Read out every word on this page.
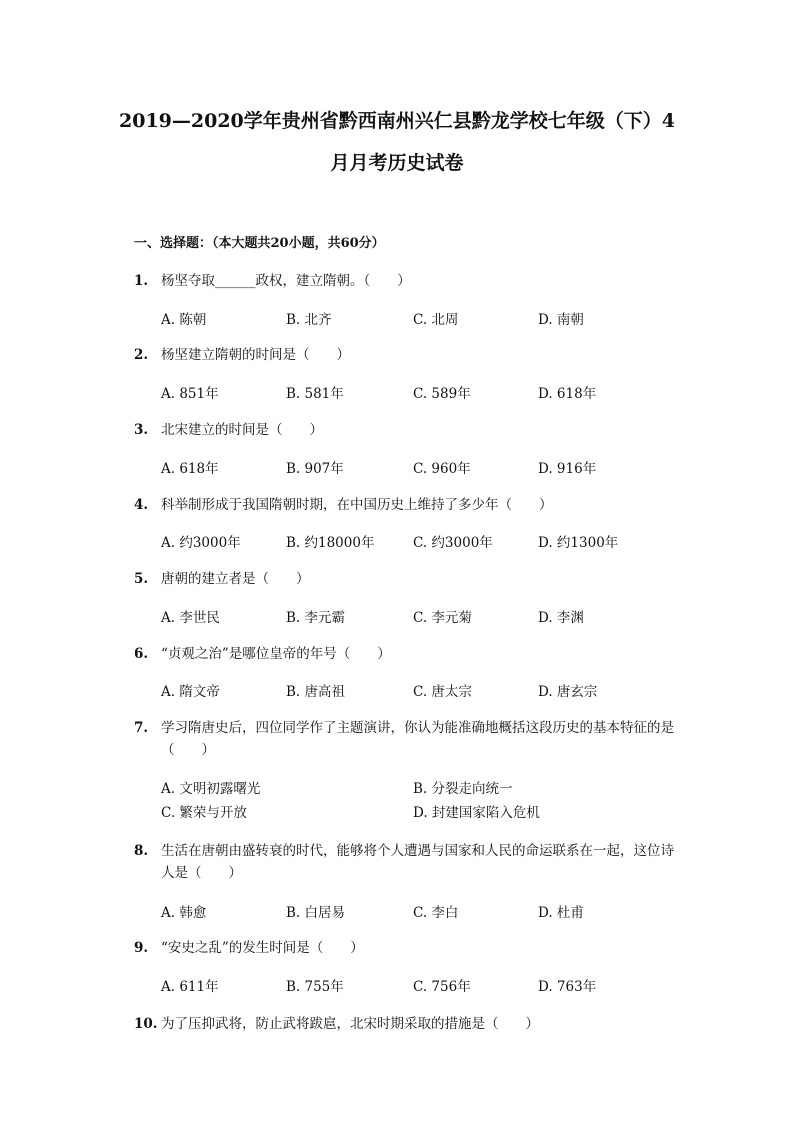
2019—2020学年贵州省黔西南州兴仁县黔龙学校七年级（下）4
月月考历史试卷
一、选择题：（本大题共20小题，共60分）
1. 杨坚夺取______政权，建立隋朝。（　　）
A. 陈朝	B. 北齐	C. 北周	D. 南朝
2. 杨坚建立隋朝的时间是（　　）
A. 851年	B. 581年	C. 589年	D. 618年
3. 北宋建立的时间是（　　）
A. 618年	B. 907年	C. 960年	D. 916年
4. 科举制形成于我国隋朝时期，在中国历史上维持了多少年（　　）
A. 约3000年	B. 约18000年	C. 约3000年	D. 约1300年
5. 唐朝的建立者是（　　）
A. 李世民	B. 李元霸	C. 李元菊	D. 李渊
6. “贞观之治”是哪位皇帝的年号（　　）
A. 隋文帝	B. 唐高祖	C. 唐太宗	D. 唐玄宗
7. 学习隋唐史后，四位同学作了主题演讲，你认为能准确地概括这段历史的基本特征的是（　　）
A. 文明初露曙光	B. 分裂走向统一
C. 繁荣与开放	D. 封建国家陷入危机
8. 生活在唐朝由盛转衰的时代，能够将个人遭遇与国家和人民的命运联系在一起，这位诗人是（　　）
A. 韩愈	B. 白居易	C. 李白	D. 杜甫
9. “安史之乱”的发生时间是（　　）
A. 611年	B. 755年	C. 756年	D. 763年
10. 为了压抑武将，防止武将跋扈，北宋时期采取的措施是（　　）
